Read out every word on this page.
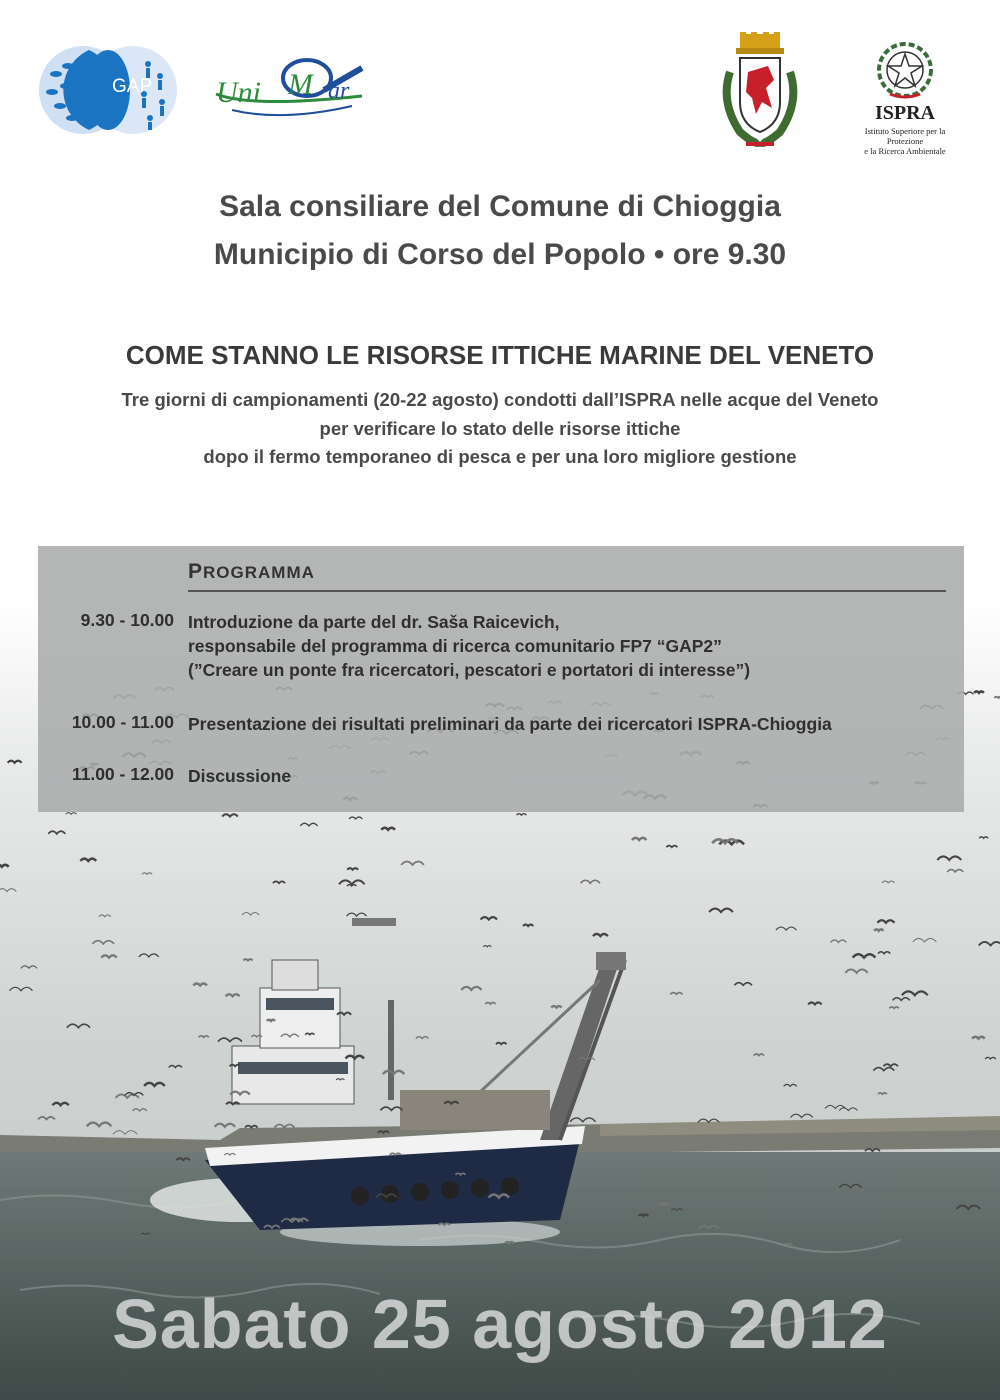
GAP Uni M ar
ISPRA
Istituto Superiore per la Protezione
e la Ricerca Ambientale
Sala consiliare del Comune di Chioggia
Municipio di Corso del Popolo • ore 9.30
COME STANNO LE RISORSE ITTICHE MARINE DEL VENETO
Tre giorni di campionamenti (20-22 agosto) condotti dall’ISPRA nelle acque del Veneto
per verificare lo stato delle risorse ittiche
dopo il fermo temporaneo di pesca e per una loro migliore gestione
PROGRAMMA
9.30 - 10.00 Introduzione da parte del dr. Saša Raicevich,
responsabile del programma di ricerca comunitario FP7 “GAP2”
(”Creare un ponte fra ricercatori, pescatori e portatori di interesse”)
10.00 - 11.00 Presentazione dei risultati preliminari da parte dei ricercatori ISPRA-Chioggia
11.00 - 12.00 Discussione
Sabato 25 agosto 2012
